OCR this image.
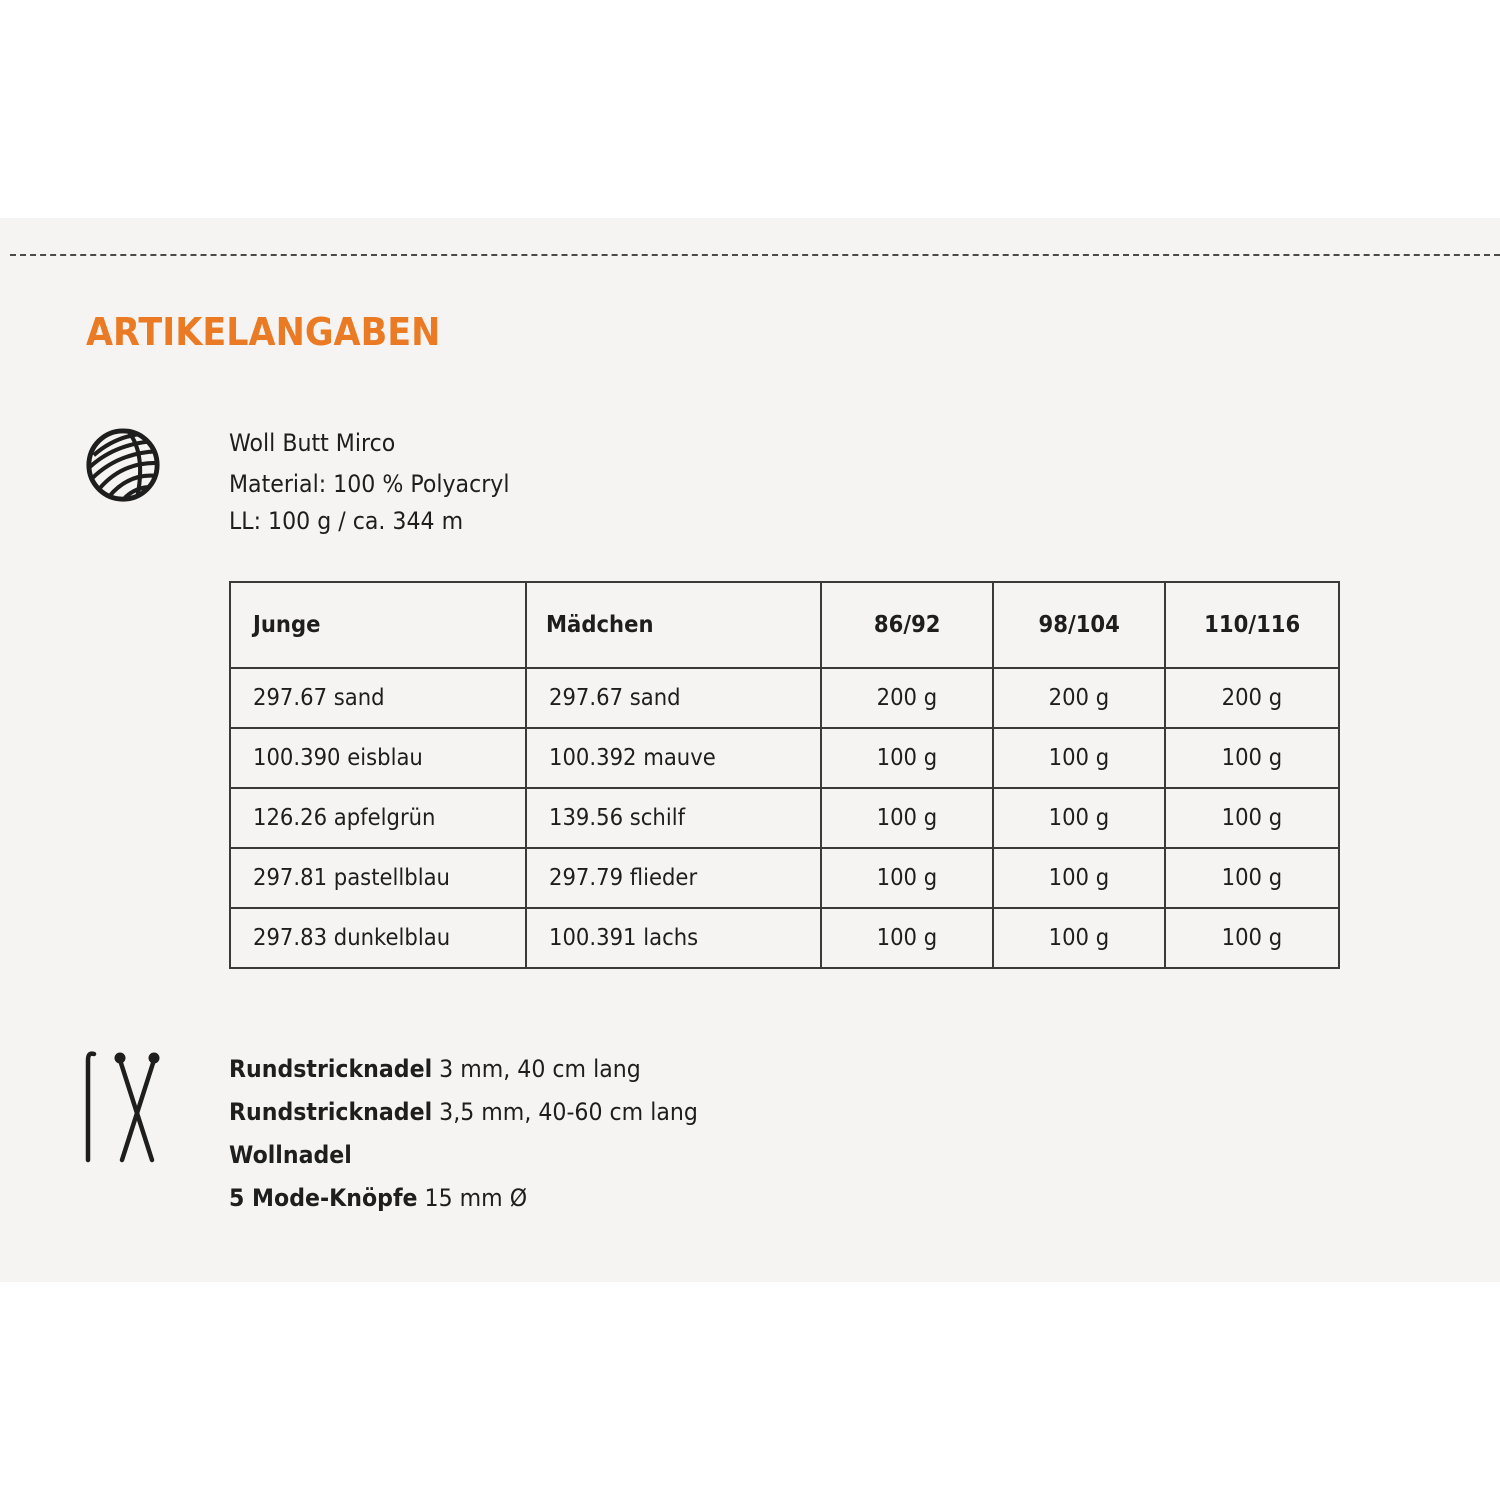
ARTIKELANGABEN
Woll Butt Mirco
Material: 100 % Polyacryl
LL: 100 g / ca. 344 m
Junge	Mädchen	86/92	98/104	110/116
297.67 sand	297.67 sand	200 g	200 g	200 g
100.390 eisblau	100.392 mauve	100 g	100 g	100 g
126.26 apfelgrün	139.56 schilf	100 g	100 g	100 g
297.81 pastellblau	297.79 flieder	100 g	100 g	100 g
297.83 dunkelblau	100.391 lachs	100 g	100 g	100 g
Rundstricknadel 3 mm, 40 cm lang
Rundstricknadel 3,5 mm, 40-60 cm lang
Wollnadel
5 Mode-Knöpfe 15 mm Ø
